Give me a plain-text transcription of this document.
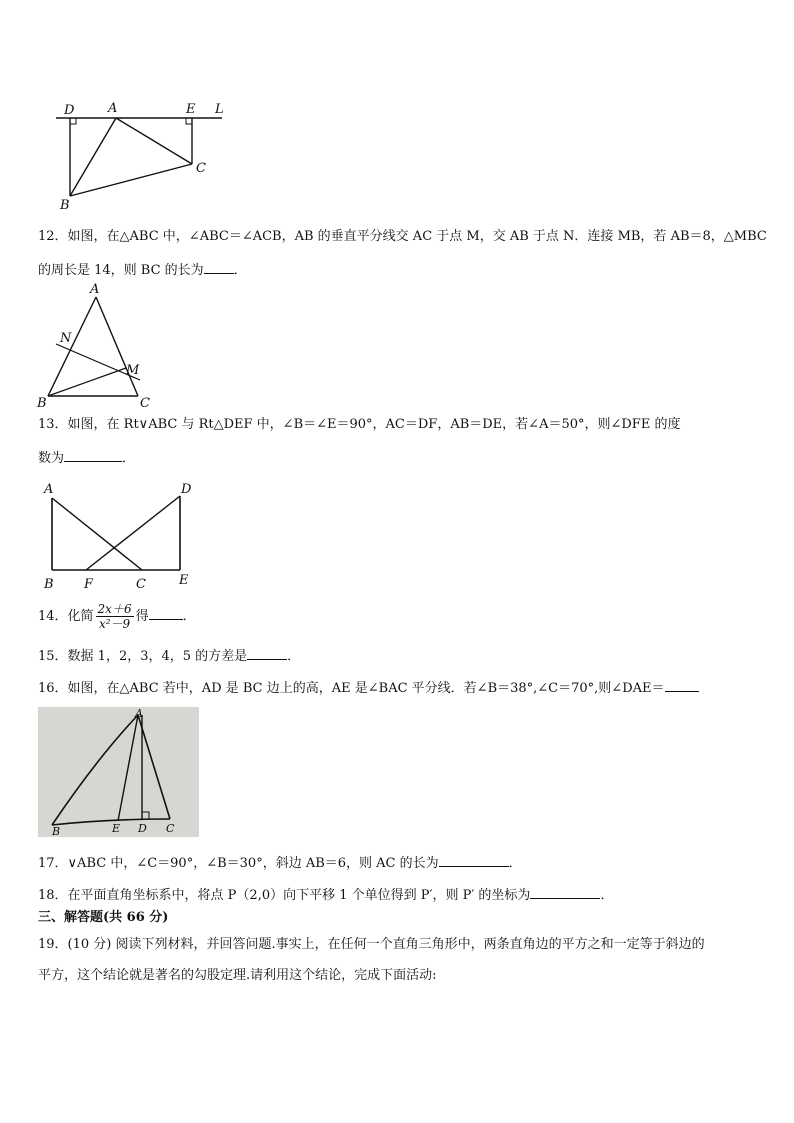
D	A	E L
C
B
12．如图，在△ABC 中，∠ABC＝∠ACB，AB 的垂直平分线交 AC 于点 M，交 AB 于点 N．连接 MB，若 AB＝8，△MBC
的周长是 14，则 BC 的长为 ．
A
N
M
B	C
13．如图，在 Rt∨ABC 与 Rt△DEF 中，∠B＝∠E＝90°，AC＝DF，AB＝DE，若∠A＝50°，则∠DFE 的度
数为	．
A	D
B F	C	E
14．化简 $\frac{2x+6}{\text{x²－9}}$ 得	．
15．数据 1，2，3，4，5 的方差是	．
16．如图，在△ABC 若中，AD 是 BC 边上的高，AE 是∠BAC 平分线．若∠B＝38°,∠C＝70°,则∠DAE＝
A
B	E D C
17．∨ABC 中，∠C＝90°，∠B＝30°，斜边 AB＝6，则 AC 的长为	．
18．在平面直角坐标系中，将点 P（2,0）向下平移 1 个单位得到 P′，则 P′ 的坐标为	．
三、解答题(共 66 分)
19．(10 分) 阅读下列材料，并回答问题.事实上，在任何一个直角三角形中，两条直角边的平方之和一定等于斜边的
平方，这个结论就是著名的勾股定理.请利用这个结论，完成下面活动:
